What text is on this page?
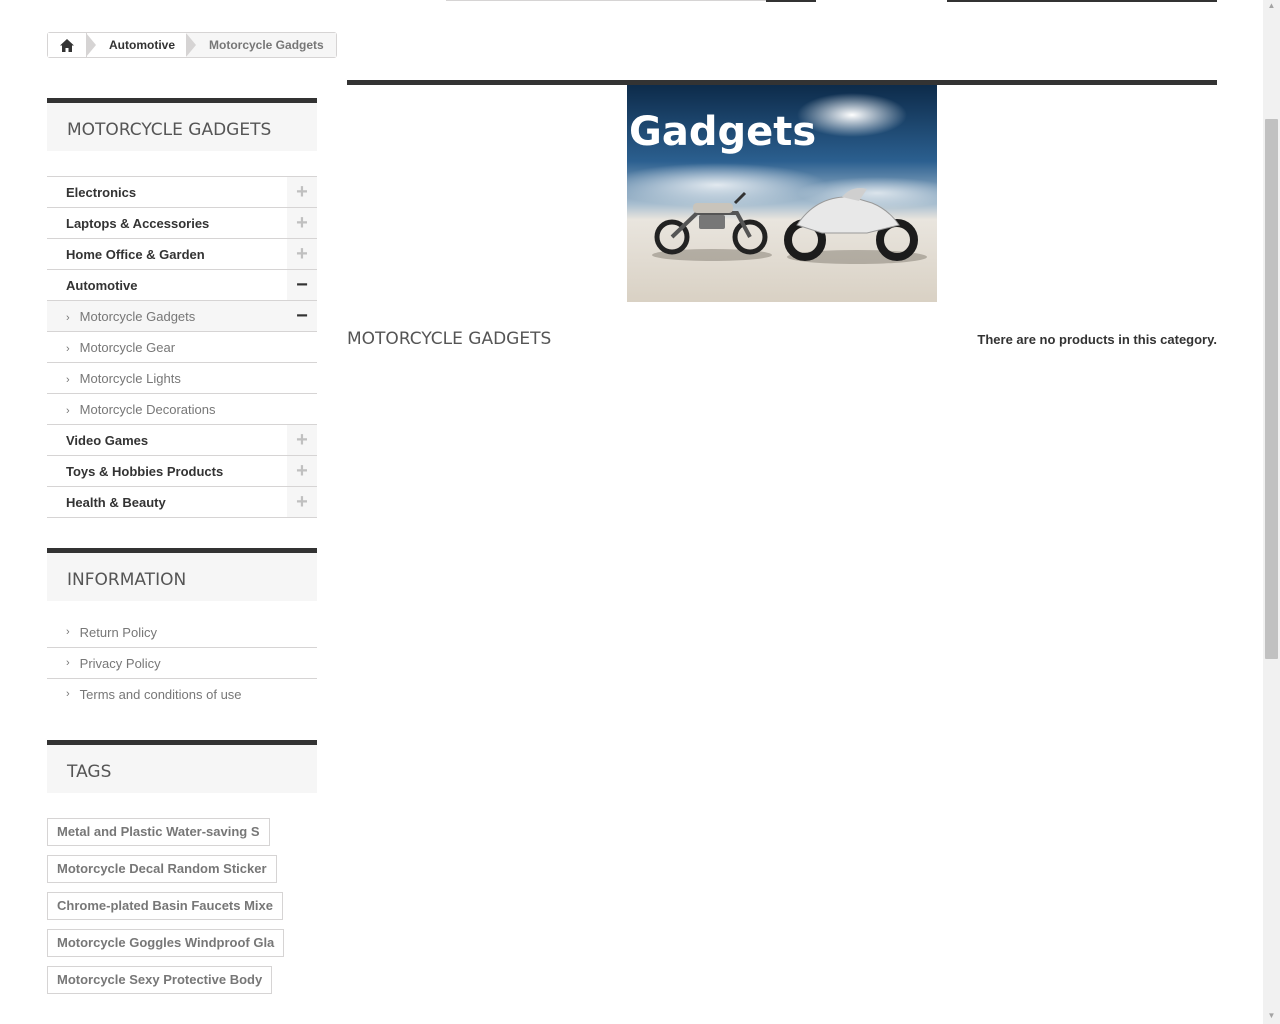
Automotive	Motorcycle Gadgets
MOTORCYCLE GADGETS
Electronics	+
Laptops & Accessories	+
Home Office & Garden	+
Automotive	−
› Motorcycle Gadgets	−
› Motorcycle Gear
› Motorcycle Lights
› Motorcycle Decorations
Video Games	+
Toys & Hobbies Products	+
Health & Beauty	+
INFORMATION
› Return Policy
› Privacy Policy
› Terms and conditions of use
TAGS
Metal and Plastic Water-saving S
Motorcycle Decal Random Sticker
Chrome-plated Basin Faucets Mixe
Motorcycle Goggles Windproof Gla
Motorcycle Sexy Protective Body
Gadgets
MOTORCYCLE GADGETS	There are no products in this category.
▲
▼
